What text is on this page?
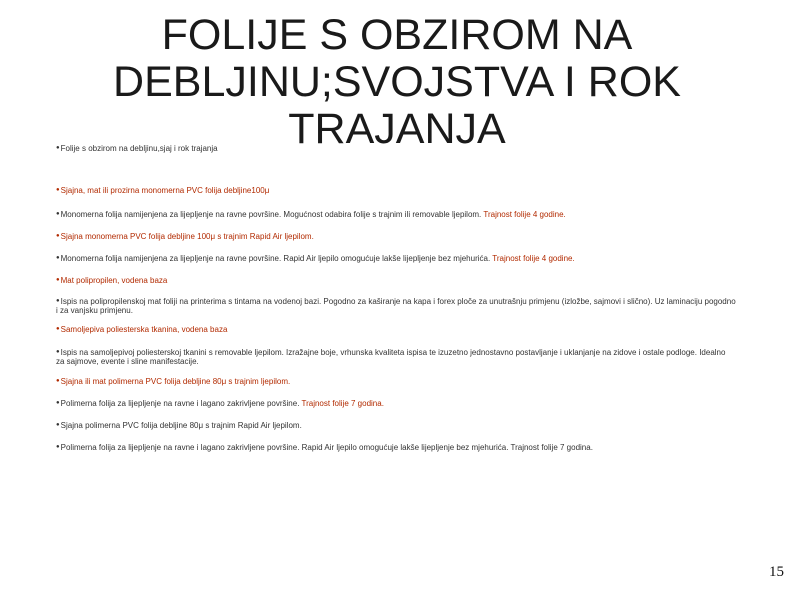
FOLIJE S OBZIROM NA DEBLJINU;SVOJSTVA I ROK TRAJANJA
●Folije s obzirom na debljinu,sjaj i rok trajanja
●Sjajna, mat ili prozirna monomerna PVC folija debljine100μ
●Monomerna folija namijenjena za lijepljenje na ravne površine. Mogućnost odabira folije s trajnim ili removable ljepilom. Trajnost folije 4 godine.
●Sjajna monomerna PVC folija debljine 100μ s trajnim Rapid Air ljepilom.
●Monomerna folija namijenjena za lijepljenje na ravne površine. Rapid Air ljepilo omogućuje lakše lijepljenje bez mjehurića. Trajnost folije 4 godine.
●Mat polipropilen, vodena baza
●Ispis na polipropilenskoj mat foliji na printerima s tintama na vodenoj bazi. Pogodno za kaširanje na kapa i forex ploče za unutrašnju primjenu (izložbe, sajmovi i slično). Uz laminaciju pogodno i za vanjsku primjenu.
●Samoljepiva poliesterska tkanina, vodena baza
●Ispis na samoljepivoj poliesterskoj tkanini s removable ljepilom. Izražajne boje, vrhunska kvaliteta ispisa te izuzetno jednostavno postavljanje i uklanjanje na zidove i ostale podloge. Idealno za sajmove, evente i sline manifestacije.
●Sjajna ili mat polimerna PVC folija debljine 80μ s trajnim ljepilom.
●Polimerna folija za lijepljenje na ravne i lagano zakrivljene površine. Trajnost folije 7 godina.
●Sjajna polimerna PVC folija debljine 80μ s trajnim Rapid Air ljepilom.
●Polimerna folija za lijepljenje na ravne i lagano zakrivljene površine. Rapid Air ljepilo omogućuje lakše lijepljenje bez mjehurića. Trajnost folije 7 godina.
15
